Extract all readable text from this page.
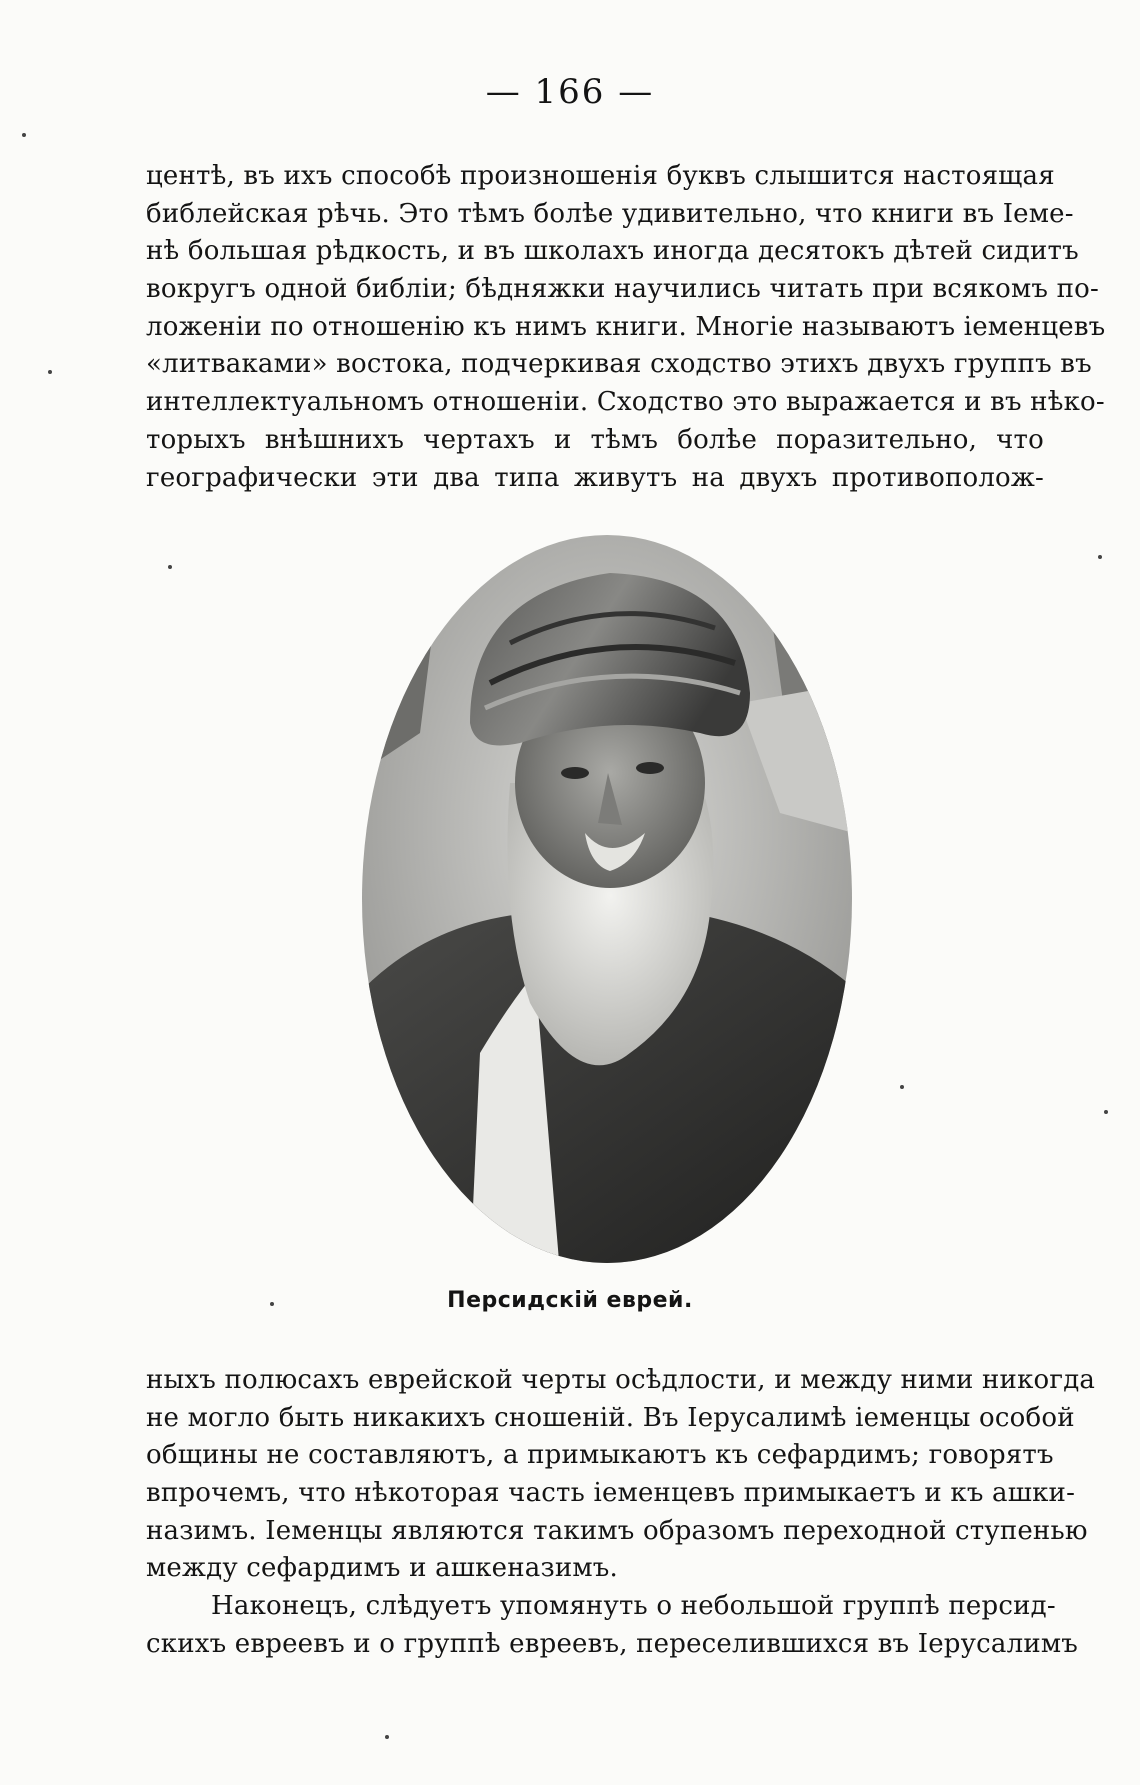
— 166 —
центѣ, въ ихъ способѣ произношенія буквъ слышится настоящая
библейская рѣчь. Это тѣмъ болѣе удивительно, что книги въ Іеме-
нѣ большая рѣдкость, и въ школахъ иногда десятокъ дѣтей сидитъ
вокругъ одной библіи; бѣдняжки научились читать при всякомъ по-
ложеніи по отношенію къ нимъ книги. Многіе называютъ іеменцевъ
«литваками» востока, подчеркивая сходство этихъ двухъ группъ въ
интеллектуальномъ отношеніи. Сходство это выражается и въ нѣко-
торыхъ внѣшнихъ чертахъ и тѣмъ болѣе поразительно, что
географически эти два типа живутъ на двухъ противополож-
Персидскій еврей.
ныхъ полюсахъ еврейской черты осѣдлости, и между ними никогда
не могло быть никакихъ сношеній. Въ Іерусалимѣ іеменцы особой
общины не составляютъ, а примыкаютъ къ сефардимъ; говорятъ
впрочемъ, что нѣкоторая часть іеменцевъ примыкаетъ и къ ашки-
назимъ. Іеменцы являются такимъ образомъ переходной ступенью
между сефардимъ и ашкеназимъ.
Наконецъ, слѣдуетъ упомянуть о небольшой группѣ персид-
скихъ евреевъ и о группѣ евреевъ, переселившихся въ Іерусалимъ
